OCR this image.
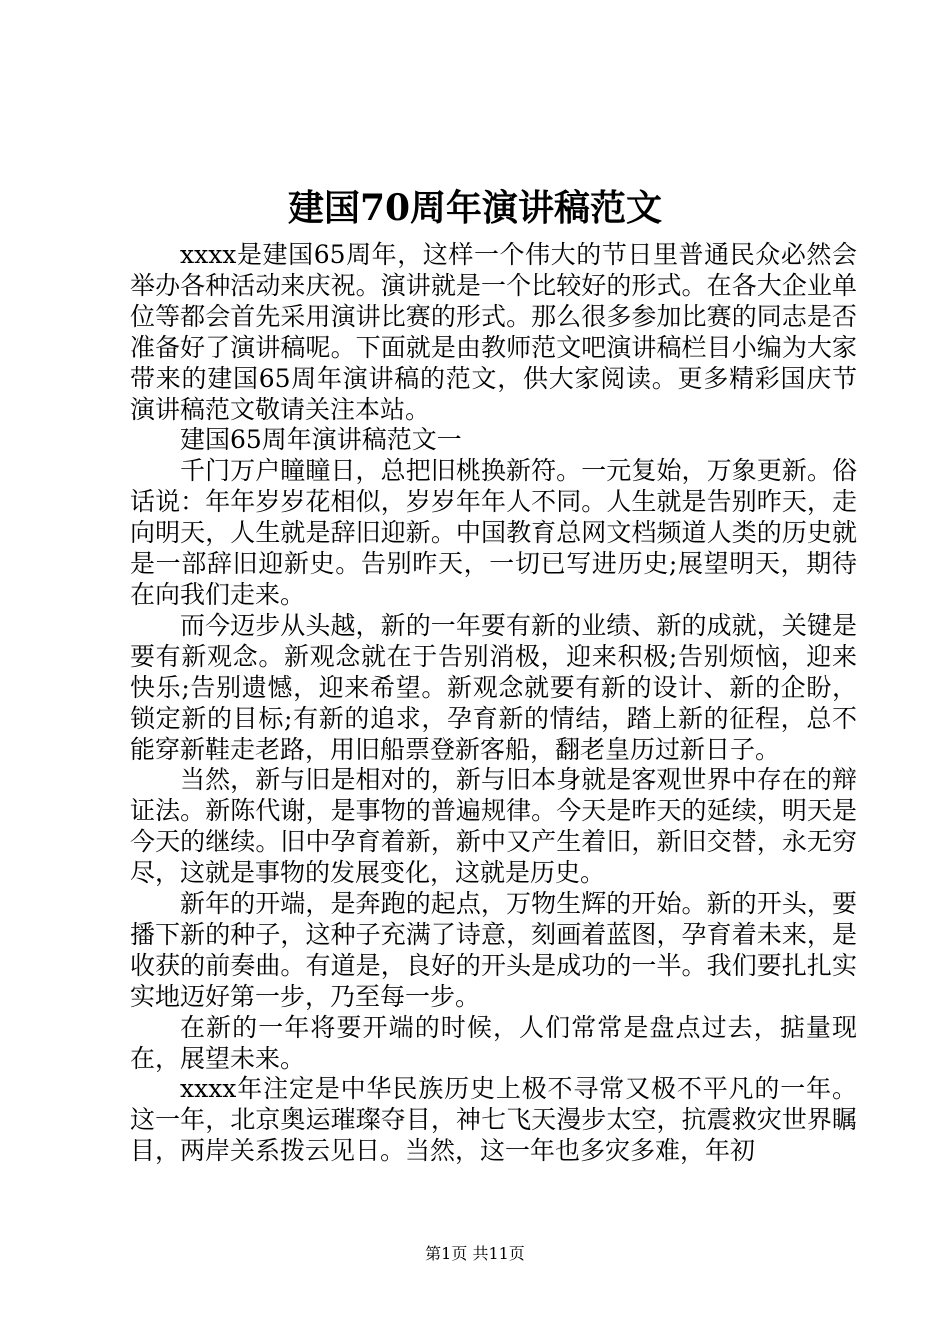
建国70周年演讲稿范文

xxxx是建国65周年，这样一个伟大的节日里普通民众必然会举办各种活动来庆祝。演讲就是一个比较好的形式。在各大企业单位等都会首先采用演讲比赛的形式。那么很多参加比赛的同志是否准备好了演讲稿呢。下面就是由教师范文吧演讲稿栏目小编为大家带来的建国65周年演讲稿的范文，供大家阅读。更多精彩国庆节演讲稿范文敬请关注本站。

建国65周年演讲稿范文一

千门万户瞳瞳日，总把旧桃换新符。一元复始，万象更新。俗话说：年年岁岁花相似，岁岁年年人不同。人生就是告别昨天，走向明天，人生就是辞旧迎新。中国教育总网文档频道人类的历史就是一部辞旧迎新史。告别昨天，一切已写进历史;展望明天，期待在向我们走来。

而今迈步从头越，新的一年要有新的业绩、新的成就，关键是要有新观念。新观念就在于告别消极，迎来积极;告别烦恼，迎来快乐;告别遗憾，迎来希望。新观念就要有新的设计、新的企盼，锁定新的目标;有新的追求，孕育新的情结，踏上新的征程，总不能穿新鞋走老路，用旧船票登新客船，翻老皇历过新日子。

当然，新与旧是相对的，新与旧本身就是客观世界中存在的辩证法。新陈代谢，是事物的普遍规律。今天是昨天的延续，明天是今天的继续。旧中孕育着新，新中又产生着旧，新旧交替，永无穷尽，这就是事物的发展变化，这就是历史。

新年的开端，是奔跑的起点，万物生辉的开始。新的开头，要播下新的种子，这种子充满了诗意，刻画着蓝图，孕育着未来，是收获的前奏曲。有道是，良好的开头是成功的一半。我们要扎扎实实地迈好第一步，乃至每一步。

在新的一年将要开端的时候，人们常常是盘点过去，掂量现在，展望未来。

xxxx年注定是中华民族历史上极不寻常又极不平凡的一年。这一年，北京奥运璀璨夺目，神七飞天漫步太空，抗震救灾世界瞩目，两岸关系拨云见日。当然，这一年也多灾多难，年初

第1页 共11页
